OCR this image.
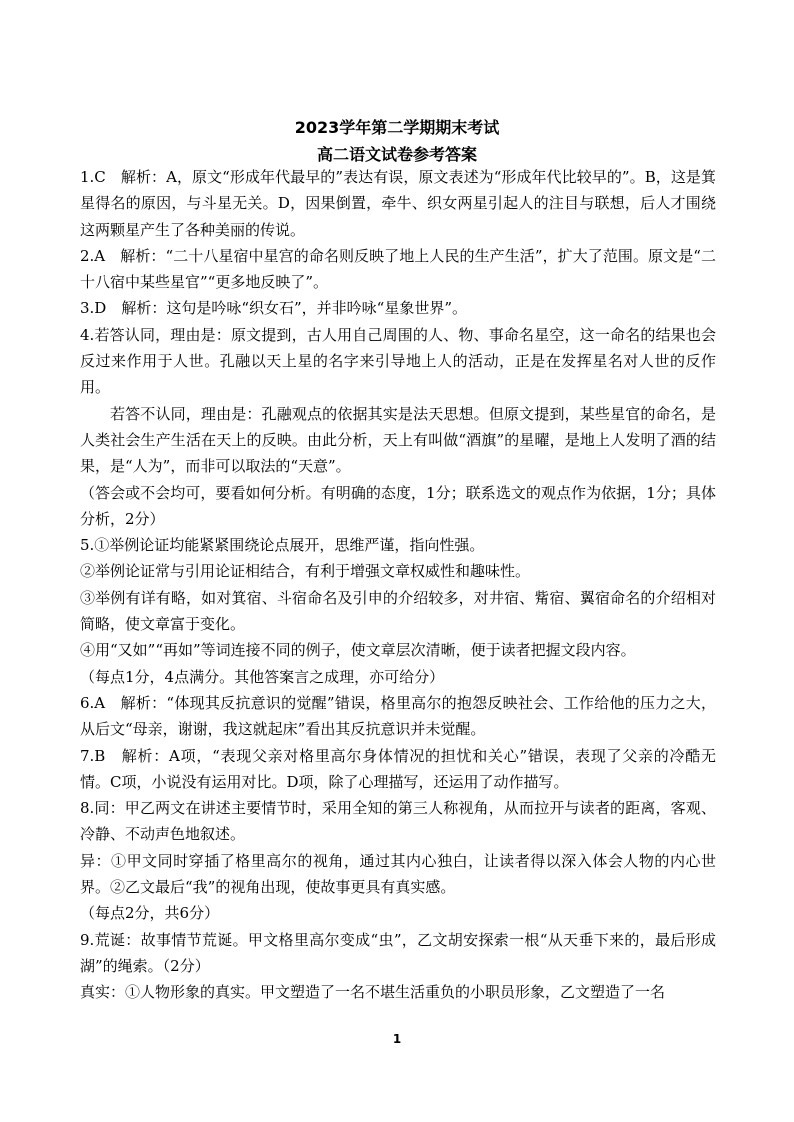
2023学年第二学期期末考试
高二语文试卷参考答案

1.C　解析：A，原文“形成年代最早的”表达有误，原文表述为“形成年代比较早的”。B，这是箕星得名的原因，与斗星无关。D，因果倒置，牵牛、织女两星引起人的注目与联想，后人才围绕这两颗星产生了各种美丽的传说。

2.A　解析：“二十八星宿中星宫的命名则反映了地上人民的生产生活”，扩大了范围。原文是“二十八宿中某些星官”“更多地反映了”。

3.D　解析：这句是吟咏“织女石”，并非吟咏“星象世界”。

4.若答认同，理由是：原文提到，古人用自己周围的人、物、事命名星空，这一命名的结果也会反过来作用于人世。孔融以天上星的名字来引导地上人的活动，正是在发挥星名对人世的反作用。

若答不认同，理由是：孔融观点的依据其实是法天思想。但原文提到，某些星官的命名，是人类社会生产生活在天上的反映。由此分析，天上有叫做“酒旗”的星曜，是地上人发明了酒的结果，是“人为”，而非可以取法的“天意”。

（答会或不会均可，要看如何分析。有明确的态度，1分；联系选文的观点作为依据，1分；具体分析，2分）

5.①举例论证均能紧紧围绕论点展开，思维严谨，指向性强。

②举例论证常与引用论证相结合，有利于增强文章权威性和趣味性。

③举例有详有略，如对箕宿、斗宿命名及引申的介绍较多，对井宿、觜宿、翼宿命名的介绍相对简略，使文章富于变化。

④用“又如”“再如”等词连接不同的例子，使文章层次清晰，便于读者把握文段内容。

（每点1分，4点满分。其他答案言之成理，亦可给分）

6.A　解析：“体现其反抗意识的觉醒”错误，格里高尔的抱怨反映社会、工作给他的压力之大，从后文“母亲，谢谢，我这就起床”看出其反抗意识并未觉醒。

7.B　解析：A项，“表现父亲对格里高尔身体情况的担忧和关心”错误，表现了父亲的冷酷无情。C项，小说没有运用对比。D项，除了心理描写，还运用了动作描写。

8.同：甲乙两文在讲述主要情节时，采用全知的第三人称视角，从而拉开与读者的距离，客观、冷静、不动声色地叙述。

异：①甲文同时穿插了格里高尔的视角，通过其内心独白，让读者得以深入体会人物的内心世界。②乙文最后“我”的视角出现，使故事更具有真实感。

（每点2分，共6分）

9.荒诞：故事情节荒诞。甲文格里高尔变成“虫”，乙文胡安探索一根“从天垂下来的，最后形成湖”的绳索。（2分）

真实：①人物形象的真实。甲文塑造了一名不堪生活重负的小职员形象，乙文塑造了一名

1
